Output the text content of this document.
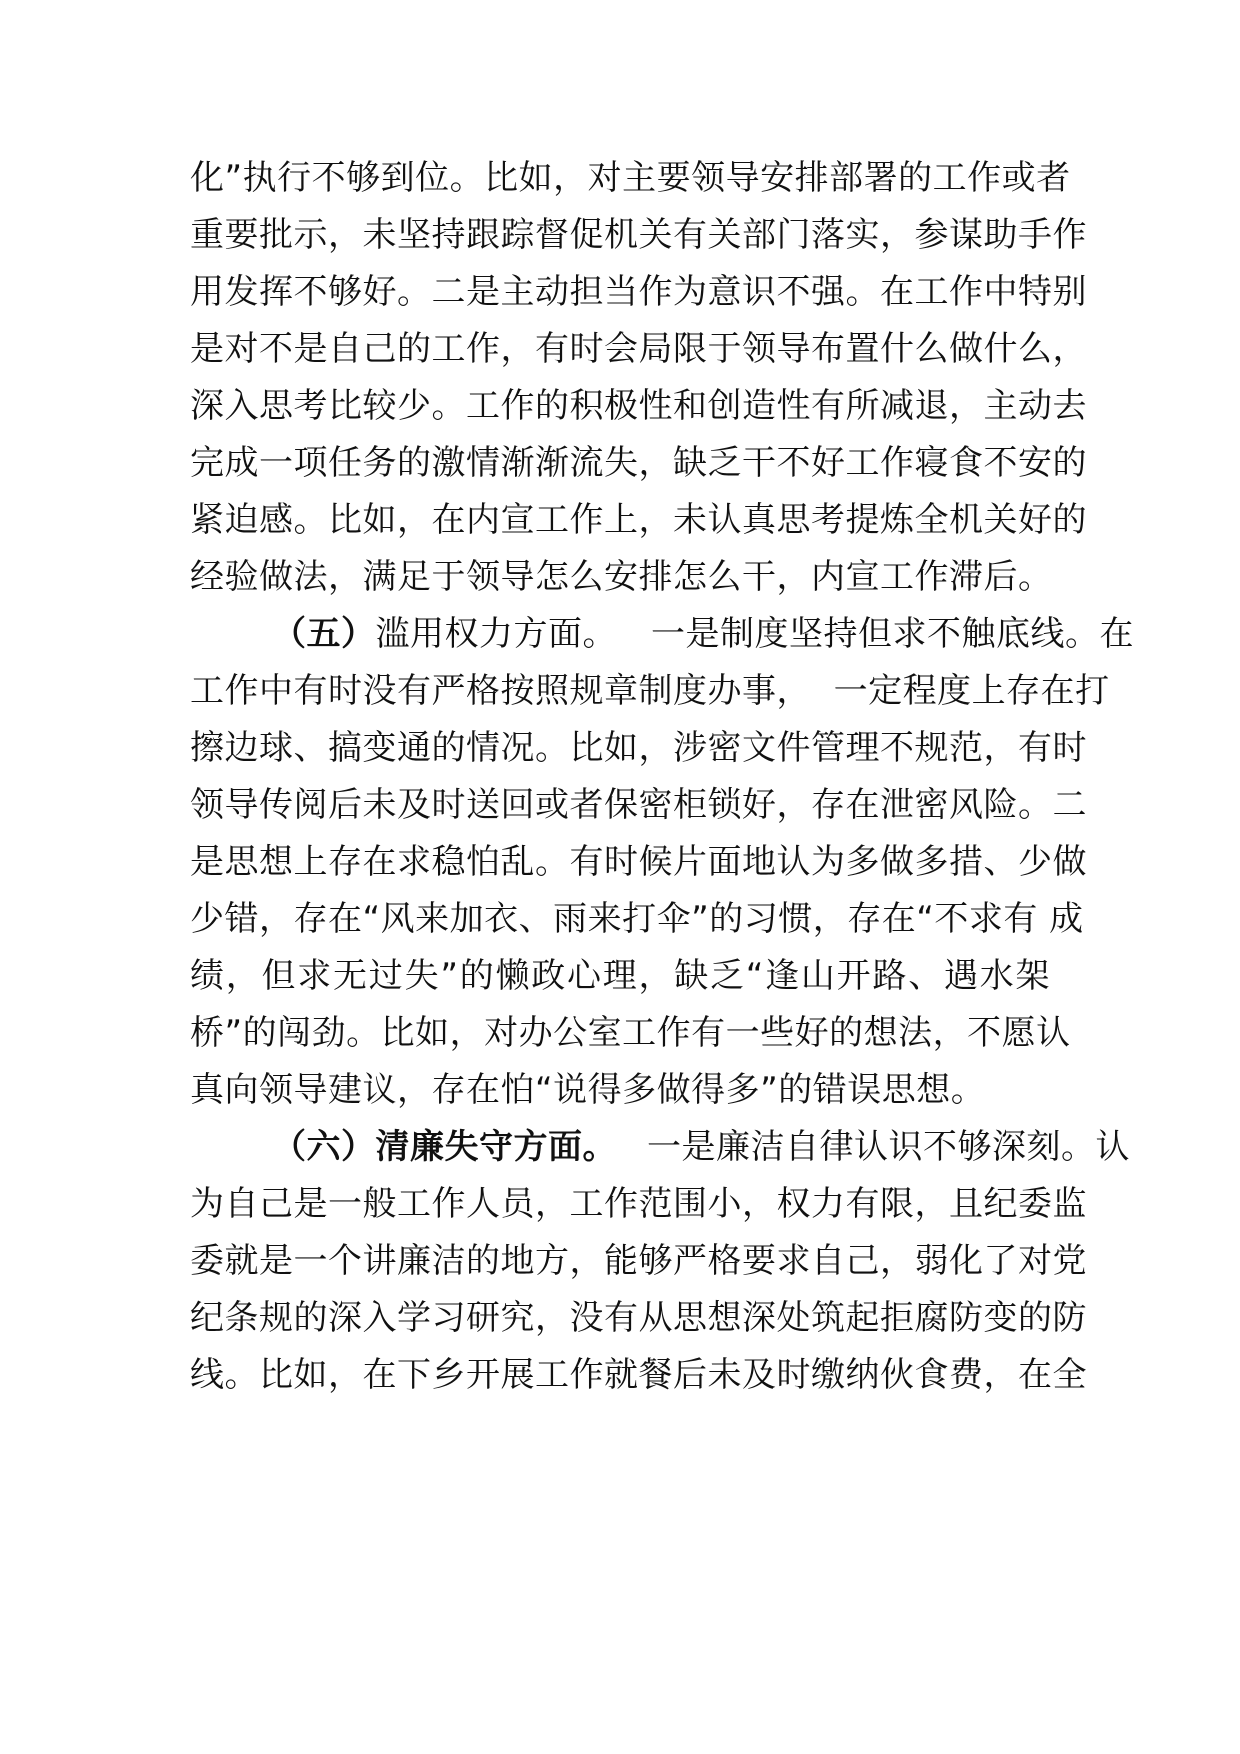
化”执行不够到位。比如，对主要领导安排部署的工作或者
重要批示，未坚持跟踪督促机关有关部门落实，参谋助手作
用发挥不够好。二是主动担当作为意识不强。在工作中特别
是对不是自己的工作，有时会局限于领导布置什么做什么，
深入思考比较少。工作的积极性和创造性有所减退，主动去
完成一项任务的激情渐渐流失，缺乏干不好工作寝食不安的
紧迫感。比如，在内宣工作上，未认真思考提炼全机关好的
经验做法，满足于领导怎么安排怎么干，内宣工作滞后。
（五）滥用权力方面。 一是制度坚持但求不触底线。在
工作中有时没有严格按照规章制度办事，  一定程度上存在打
擦边球、搞变通的情况。比如，涉密文件管理不规范，有时
领导传阅后未及时送回或者保密柜锁好，存在泄密风险。二
是思想上存在求稳怕乱。有时候片面地认为多做多措、少做
少错，存在“风来加衣、雨来打伞”的习惯，存在“不求有 成
绩，但求无过失”的懒政心理，缺乏“逢山开路、遇水架
桥”的闯劲。比如，对办公室工作有一些好的想法，不愿认
真向领导建议，存在怕“说得多做得多”的错误思想。
（六）清廉失守方面。 一是廉洁自律认识不够深刻。认
为自己是一般工作人员，工作范围小，权力有限，且纪委监
委就是一个讲廉洁的地方，能够严格要求自己，弱化了对党
纪条规的深入学习研究，没有从思想深处筑起拒腐防变的防
线。比如，在下乡开展工作就餐后未及时缴纳伙食费，在全
